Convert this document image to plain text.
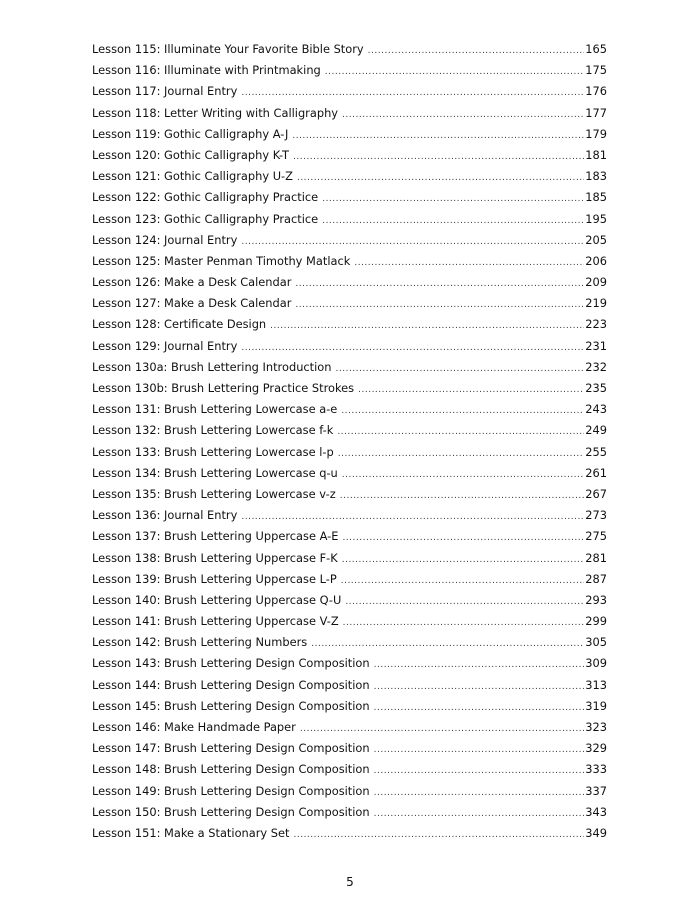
Lesson 115: Illuminate Your Favorite Bible Story .....	165
Lesson 116: Illuminate with Printmaking .....	175
Lesson 117: Journal Entry .....	176
Lesson 118: Letter Writing with Calligraphy .....	177
Lesson 119: Gothic Calligraphy A-J .....	179
Lesson 120: Gothic Calligraphy K-T .....	181
Lesson 121: Gothic Calligraphy U-Z .....	183
Lesson 122: Gothic Calligraphy Practice .....	185
Lesson 123: Gothic Calligraphy Practice .....	195
Lesson 124: Journal Entry .....	205
Lesson 125: Master Penman Timothy Matlack .....	206
Lesson 126: Make a Desk Calendar .....	209
Lesson 127: Make a Desk Calendar .....	219
Lesson 128: Certificate Design .....	223
Lesson 129: Journal Entry .....	231
Lesson 130a: Brush Lettering Introduction .....	232
Lesson 130b: Brush Lettering Practice Strokes .....	235
Lesson 131: Brush Lettering Lowercase a-e .....	243
Lesson 132: Brush Lettering Lowercase f-k .....	249
Lesson 133: Brush Lettering Lowercase l-p .....	255
Lesson 134: Brush Lettering Lowercase q-u .....	261
Lesson 135: Brush Lettering Lowercase v-z .....	267
Lesson 136: Journal Entry .....	273
Lesson 137: Brush Lettering Uppercase A-E .....	275
Lesson 138: Brush Lettering Uppercase F-K .....	281
Lesson 139: Brush Lettering Uppercase L-P .....	287
Lesson 140: Brush Lettering Uppercase Q-U .....	293
Lesson 141: Brush Lettering Uppercase V-Z .....	299
Lesson 142: Brush Lettering Numbers .....	305
Lesson 143: Brush Lettering Design Composition .....	309
Lesson 144: Brush Lettering Design Composition .....	313
Lesson 145: Brush Lettering Design Composition .....	319
Lesson 146: Make Handmade Paper .....	323
Lesson 147: Brush Lettering Design Composition .....	329
Lesson 148: Brush Lettering Design Composition .....	333
Lesson 149: Brush Lettering Design Composition .....	337
Lesson 150: Brush Lettering Design Composition .....	343
Lesson 151: Make a Stationary Set .....	349
5
